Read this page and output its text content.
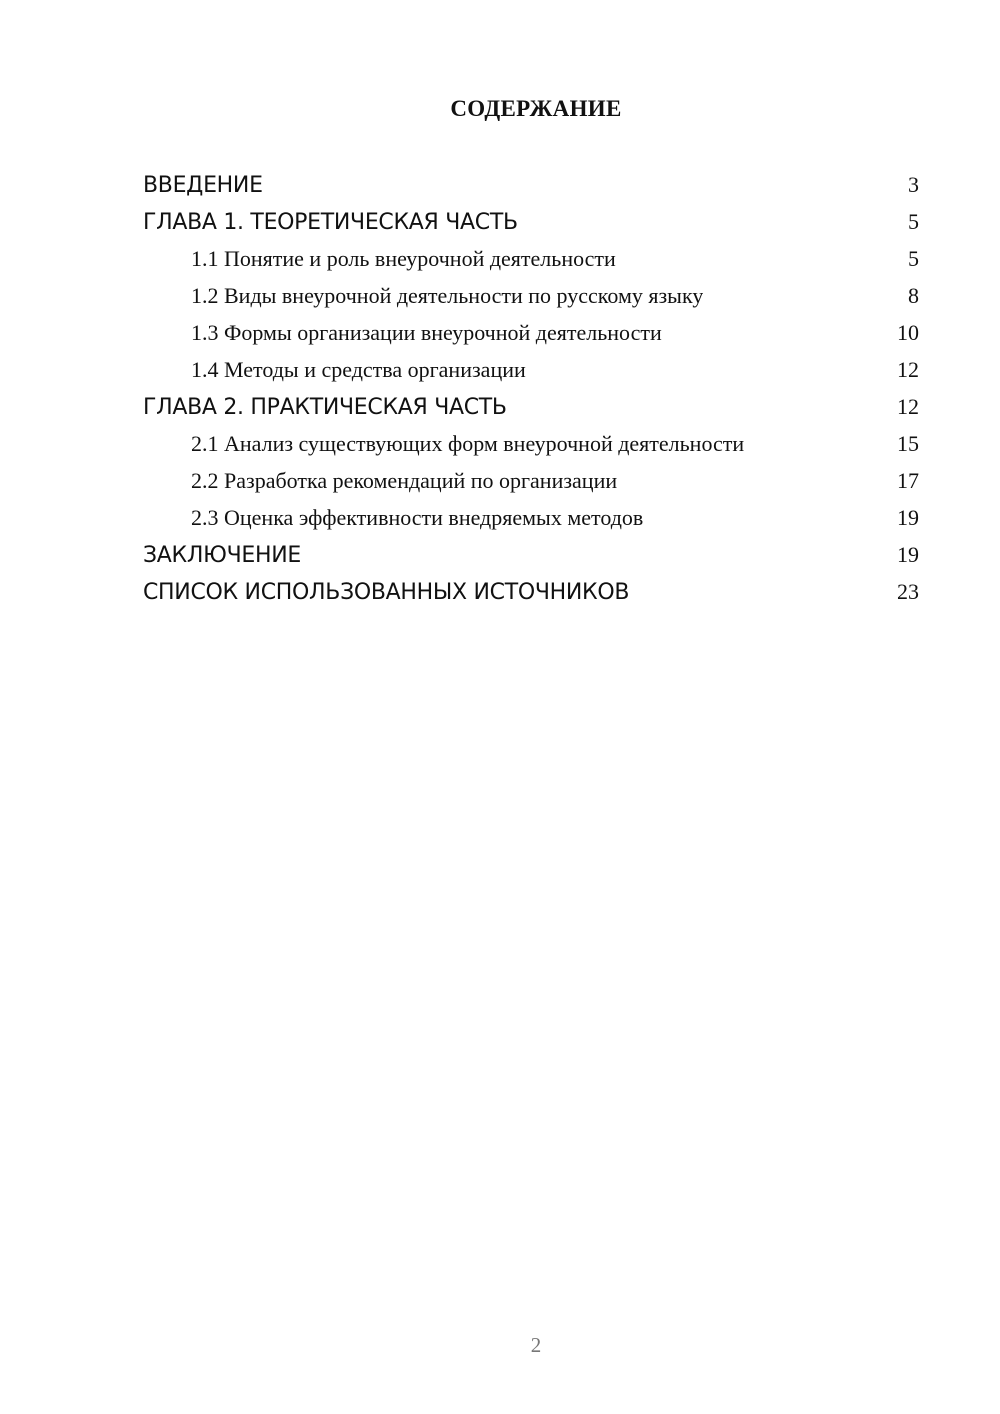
СОДЕРЖАНИЕ
ВВЕДЕНИЕ	3
ГЛАВА 1. ТЕОРЕТИЧЕСКАЯ ЧАСТЬ	5
1.1 Понятие и роль внеурочной деятельности	5
1.2 Виды внеурочной деятельности по русскому языку	8
1.3 Формы организации внеурочной деятельности	10
1.4 Методы и средства организации	12
ГЛАВА 2. ПРАКТИЧЕСКАЯ ЧАСТЬ	12
2.1 Анализ существующих форм внеурочной деятельности	15
2.2 Разработка рекомендаций по организации	17
2.3 Оценка эффективности внедряемых методов	19
ЗАКЛЮЧЕНИЕ	19
СПИСОК ИСПОЛЬЗОВАННЫХ ИСТОЧНИКОВ	23
2
